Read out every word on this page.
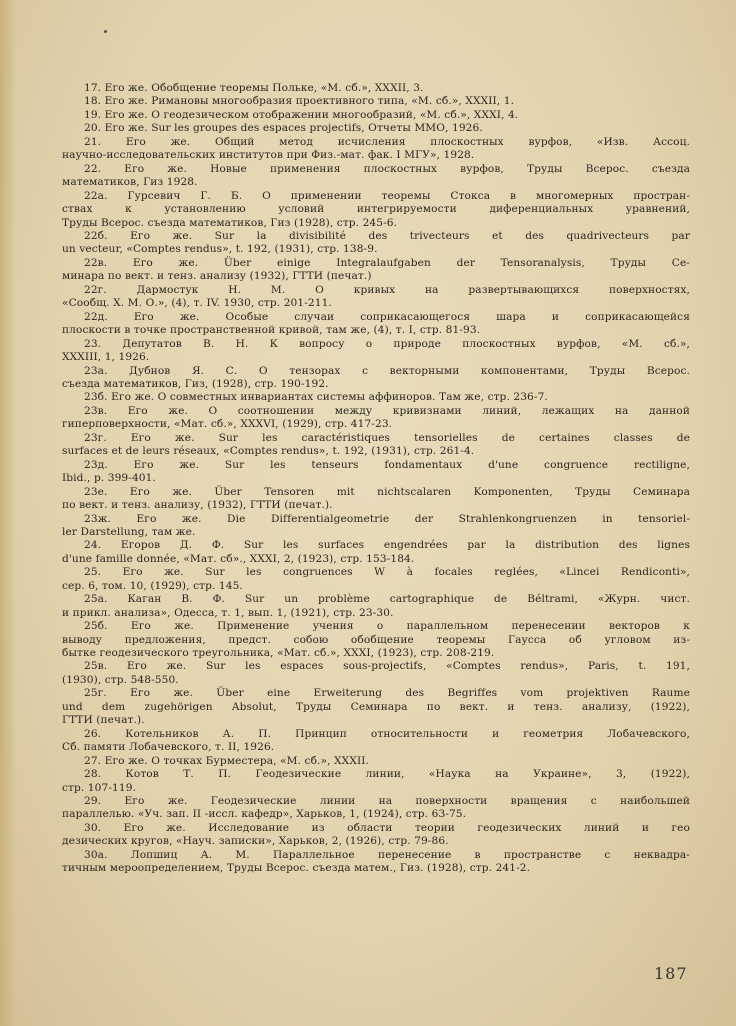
17. Его же. Обобщение теоремы Польке, «М. сб.», XXXII, 3.
18. Его же. Римановы многообразия проективного типа, «М. сб.», XXXII, 1.
19. Его же. О геодезическом отображении многообразий, «М. сб.», XXXI, 4.
20. Его же. Sur les groupes des espaces projectifs, Отчеты ММО, 1926.
21. Его же. Общий метод исчисления плоскостных вурфов, «Изв. Ассоц.
научно-исследовательских институтов при Физ.-мат. фак. I МГУ», 1928.
22. Его же. Новые применения плоскостных вурфов, Труды Всерос. съезда
математиков, Гиз 1928.
22а. Гурсевич Г. Б. О применении теоремы Стокса в многомерных простран-
ствах к установлению условий интегрируемости диференциальных уравнений,
Труды Всерос. съезда математиков, Гиз (1928), стр. 245-6.
22б. Его же. Sur la divisibilité des trivecteurs et des quadrivecteurs par
un vecteur, «Comptes rendus», t. 192, (1931), стр. 138-9.
22в. Его же. Über einige Integralaufgaben der Tensoranalysis, Труды Се-
минара по вект. и тенз. анализу (1932), ГТТИ (печат.)
22г. Дармостук Н. М. О кривых на развертывающихся поверхностях,
«Сообщ. Х. М. О.», (4), т. IV. 1930, стр. 201-211.
22д. Его же. Особые случаи соприкасающегося шара и соприкасающейся
плоскости в точке пространственной кривой, там же, (4), т. I, стр. 81-93.
23. Депутатов В. Н. К вопросу о природе плоскостных вурфов, «М. сб.»,
XXXIII, 1, 1926.
23а. Дубнов Я. С. О тензорах с векторными компонентами, Труды Всерос.
съезда математиков, Гиз, (1928), стр. 190-192.
23б. Его же. О совместных инвариантах системы аффиноров. Там же, стр. 236-7.
23в. Его же. О соотношении между кривизнами линий, лежащих на данной
гиперповерхности, «Мат. сб.», XXXVI, (1929), стр. 417-23.
23г. Его же. Sur les caractéristiques tensorielles de certaines classes de
surfaces et de leurs réseaux, «Comptes rendus», t. 192, (1931), стр. 261-4.
23д. Его же. Sur les tenseurs fondamentaux d'une congruence rectiligne,
Ibid., p. 399-401.
23е. Его же. Über Tensoren mit nichtscalaren Komponenten, Труды Семинара
по вект. и тенз. анализу, (1932), ГТТИ (печат.).
23ж. Его же. Die Differentialgeometrie der Strahlenkongruenzen in tensoriel-
ler Darstellung, там же.
24. Егоров Д. Ф. Sur les surfaces engendrées par la distribution des lignes
d'une famille donnée, «Мат. сб»., XXXI, 2, (1923), стр. 153-184.
25. Его же. Sur les congruences W à focales reglées, «Lincei Rendiconti»,
сер. 6, том. 10, (1929), стр. 145.
25а. Каган В. Ф. Sur un problème cartographique de Béltrami, «Журн. чист.
и прикл. анализа», Одесса, т. 1, вып. 1, (1921), стр. 23-30.
25б. Его же. Применение учения о параллельном перенесении векторов к
выводу предложения, предст. собою обобщение теоремы Гаусса об угловом из-
бытке геодезического треугольника, «Мат. сб.», XXXI, (1923), стр. 208-219.
25в. Его же. Sur les espaces sous-projectifs, «Comptes rendus», Paris, t. 191,
(1930), стр. 548-550.
25г. Его же. Über eine Erweiterung des Begriffes vom projektiven Raume
und dem zugehörigen Absolut, Труды Семинара по вект. и тенз. анализу, (1922),
ГТТИ (печат.).
26. Котельников А. П. Принцип относительности и геометрия Лобачевского,
Сб. памяти Лобачевского, т. II, 1926.
27. Его же. О точках Бурместера, «М. сб.», XXXII.
28. Котов Т. П. Геодезические линии, «Наука на Украине», 3, (1922),
стр. 107-119.
29. Его же. Геодезические линии на поверхности вращения с наибольшей
параллелью. «Уч. зап. II -иссл. кафедр», Харьков, 1, (1924), стр. 63-75.
30. Его же. Исследование из области теории геодезических линий и гео
дезических кругов, «Науч. записки», Харьков, 2, (1926), стр. 79-86.
30а. Лопшиц А. М. Параллельное перенесение в пространстве с неквадра-
тичным мероопределением, Труды Всерос. съезда матем., Гиз. (1928), стр. 241-2.
187
